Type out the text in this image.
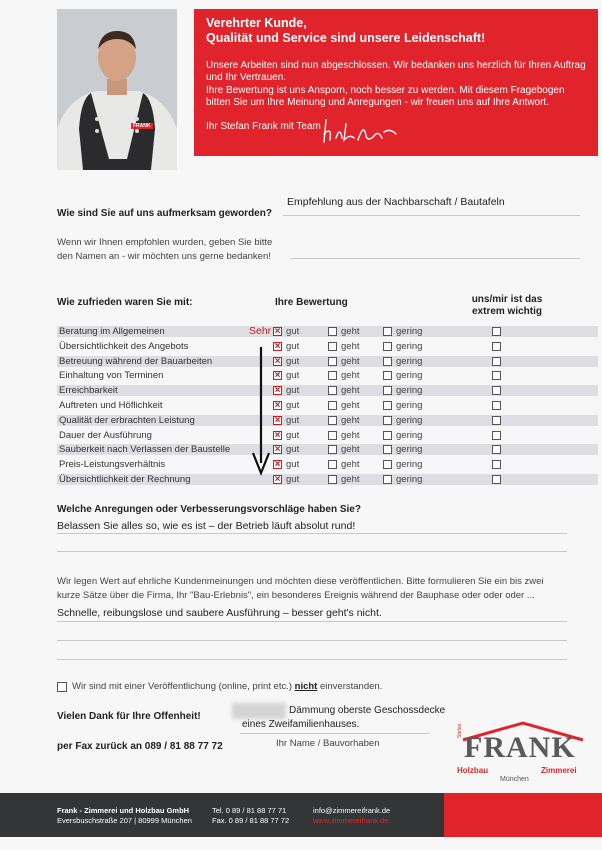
FRANK
Verehrter Kunde,
Qualität und Service sind unsere Leidenschaft!
Unsere Arbeiten sind nun abgeschlossen. Wir bedanken uns herzlich für Ihren Auftrag und Ihr Vertrauen.
Ihre Bewertung ist uns Ansporn, noch besser zu werden. Mit diesem Fragebogen bitten Sie um Ihre Meinung und Anregungen - wir freuen uns auf Ihre Antwort.
Ihr Stefan Frank mit Team
Wie sind Sie auf uns aufmerksam geworden?
Empfehlung aus der Nachbarschaft / Bautafeln
Wenn wir Ihnen empfohlen wurden, geben Sie bitte
den Namen an - wir möchten uns gerne bedanken!
Wie zufrieden waren Sie mit:	Ihre Bewertung	uns/mir ist das
extrem wichtig
Beratung im Allgemeinen	× gut	geht	gering
Übersichtlichkeit des Angebots	× gut	geht	gering
Betreuung während der Bauarbeiten	× gut	geht	gering
Einhaltung von Terminen	× gut	geht	gering
Erreichbarkeit	× gut	geht	gering
Auftreten und Höflichkeit	× gut	geht	gering
Qualität der erbrachten Leistung	× gut	geht	gering
Dauer der Ausführung	× gut	geht	gering
Sauberkeit nach Verlassen der Baustelle	× gut	geht	gering
Preis-Leistungsverhältnis	× gut	geht	gering
Übersichtlichkeit der Rechnung	× gut	geht	gering
Sehr
Welche Anregungen oder Verbesserungsvorschläge haben Sie?
Belassen Sie alles so, wie es ist – der Betrieb läuft absolut rund!
Wir legen Wert auf ehrliche Kundenmeinungen und möchten diese veröffentlichen. Bitte formulieren Sie ein bis zwei
kurze Sätze über die Firma, Ihr "Bau-Erlebnis", ein besonderes Ereignis während der Bauphase oder oder oder ...
Schnelle, reibungslose und saubere Ausführung – besser geht's nicht.
Wir sind mit einer Veröffentlichung (online, print etc.) nicht einverstanden.
Vielen Dank für Ihre Offenheit!
per Fax zurück an 089 / 81 88 77 72
Dämmung oberste Geschossdecke
eines Zweifamilienhauses.
Ihr Name / Bauvorhaben
Stefan
FRANK
Holzbau	Zimmerei
München
Frank - Zimmerei und Holzbau GmbH
Eversbuschstraße 207 | 80999 München
Tel. 0 89 / 81 88 77 71
Fax. 0 89 / 81 88 77 72
info@zimmereifrank.de
www.zimmereifrank.de
